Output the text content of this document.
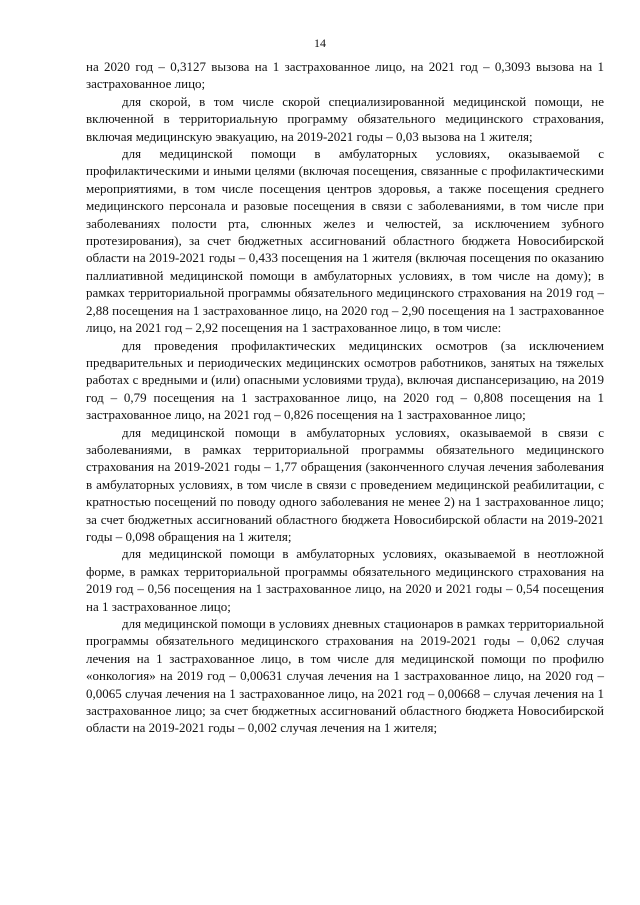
14

на 2020 год – 0,3127 вызова на 1 застрахованное лицо, на 2021 год – 0,3093 вызова на 1 застрахованное лицо;

для скорой, в том числе скорой специализированной медицинской помощи, не включенной в территориальную программу обязательного медицинского страхования, включая медицинскую эвакуацию, на 2019-2021 годы – 0,03 вызова на 1 жителя;

для медицинской помощи в амбулаторных условиях, оказываемой с профилактическими и иными целями (включая посещения, связанные с профилактическими мероприятиями, в том числе посещения центров здоровья, а также посещения среднего медицинского персонала и разовые посещения в связи с заболеваниями, в том числе при заболеваниях полости рта, слюнных желез и челюстей, за исключением зубного протезирования), за счет бюджетных ассигнований областного бюджета Новосибирской области на 2019-2021 годы – 0,433 посещения на 1 жителя (включая посещения по оказанию паллиативной медицинской помощи в амбулаторных условиях, в том числе на дому); в рамках территориальной программы обязательного медицинского страхования на 2019 год – 2,88 посещения на 1 застрахованное лицо, на 2020 год – 2,90 посещения на 1 застрахованное лицо, на 2021 год – 2,92 посещения на 1 застрахованное лицо, в том числе:

для проведения профилактических медицинских осмотров (за исключением предварительных и периодических медицинских осмотров работников, занятых на тяжелых работах с вредными и (или) опасными условиями труда), включая диспансеризацию, на 2019 год – 0,79 посещения на 1 застрахованное лицо, на 2020 год – 0,808 посещения на 1 застрахованное лицо, на 2021 год – 0,826 посещения на 1 застрахованное лицо;

для медицинской помощи в амбулаторных условиях, оказываемой в связи с заболеваниями, в рамках территориальной программы обязательного медицинского страхования на 2019-2021 годы – 1,77 обращения (законченного случая лечения заболевания в амбулаторных условиях, в том числе в связи с проведением медицинской реабилитации, с кратностью посещений по поводу одного заболевания не менее 2) на 1 застрахованное лицо; за счет бюджетных ассигнований областного бюджета Новосибирской области на 2019-2021 годы – 0,098 обращения на 1 жителя;

для медицинской помощи в амбулаторных условиях, оказываемой в неотложной форме, в рамках территориальной программы обязательного медицинского страхования на 2019 год – 0,56 посещения на 1 застрахованное лицо, на 2020 и 2021 годы – 0,54 посещения на 1 застрахованное лицо;

для медицинской помощи в условиях дневных стационаров в рамках территориальной программы обязательного медицинского страхования на 2019-2021 годы – 0,062 случая лечения на 1 застрахованное лицо, в том числе для медицинской помощи по профилю «онкология» на 2019 год – 0,00631 случая лечения на 1 застрахованное лицо, на 2020 год – 0,0065 случая лечения на 1 застрахованное лицо, на 2021 год – 0,00668 – случая лечения на 1 застрахованное лицо; за счет бюджетных ассигнований областного бюджета Новосибирской области на 2019-2021 годы – 0,002 случая лечения на 1 жителя;
